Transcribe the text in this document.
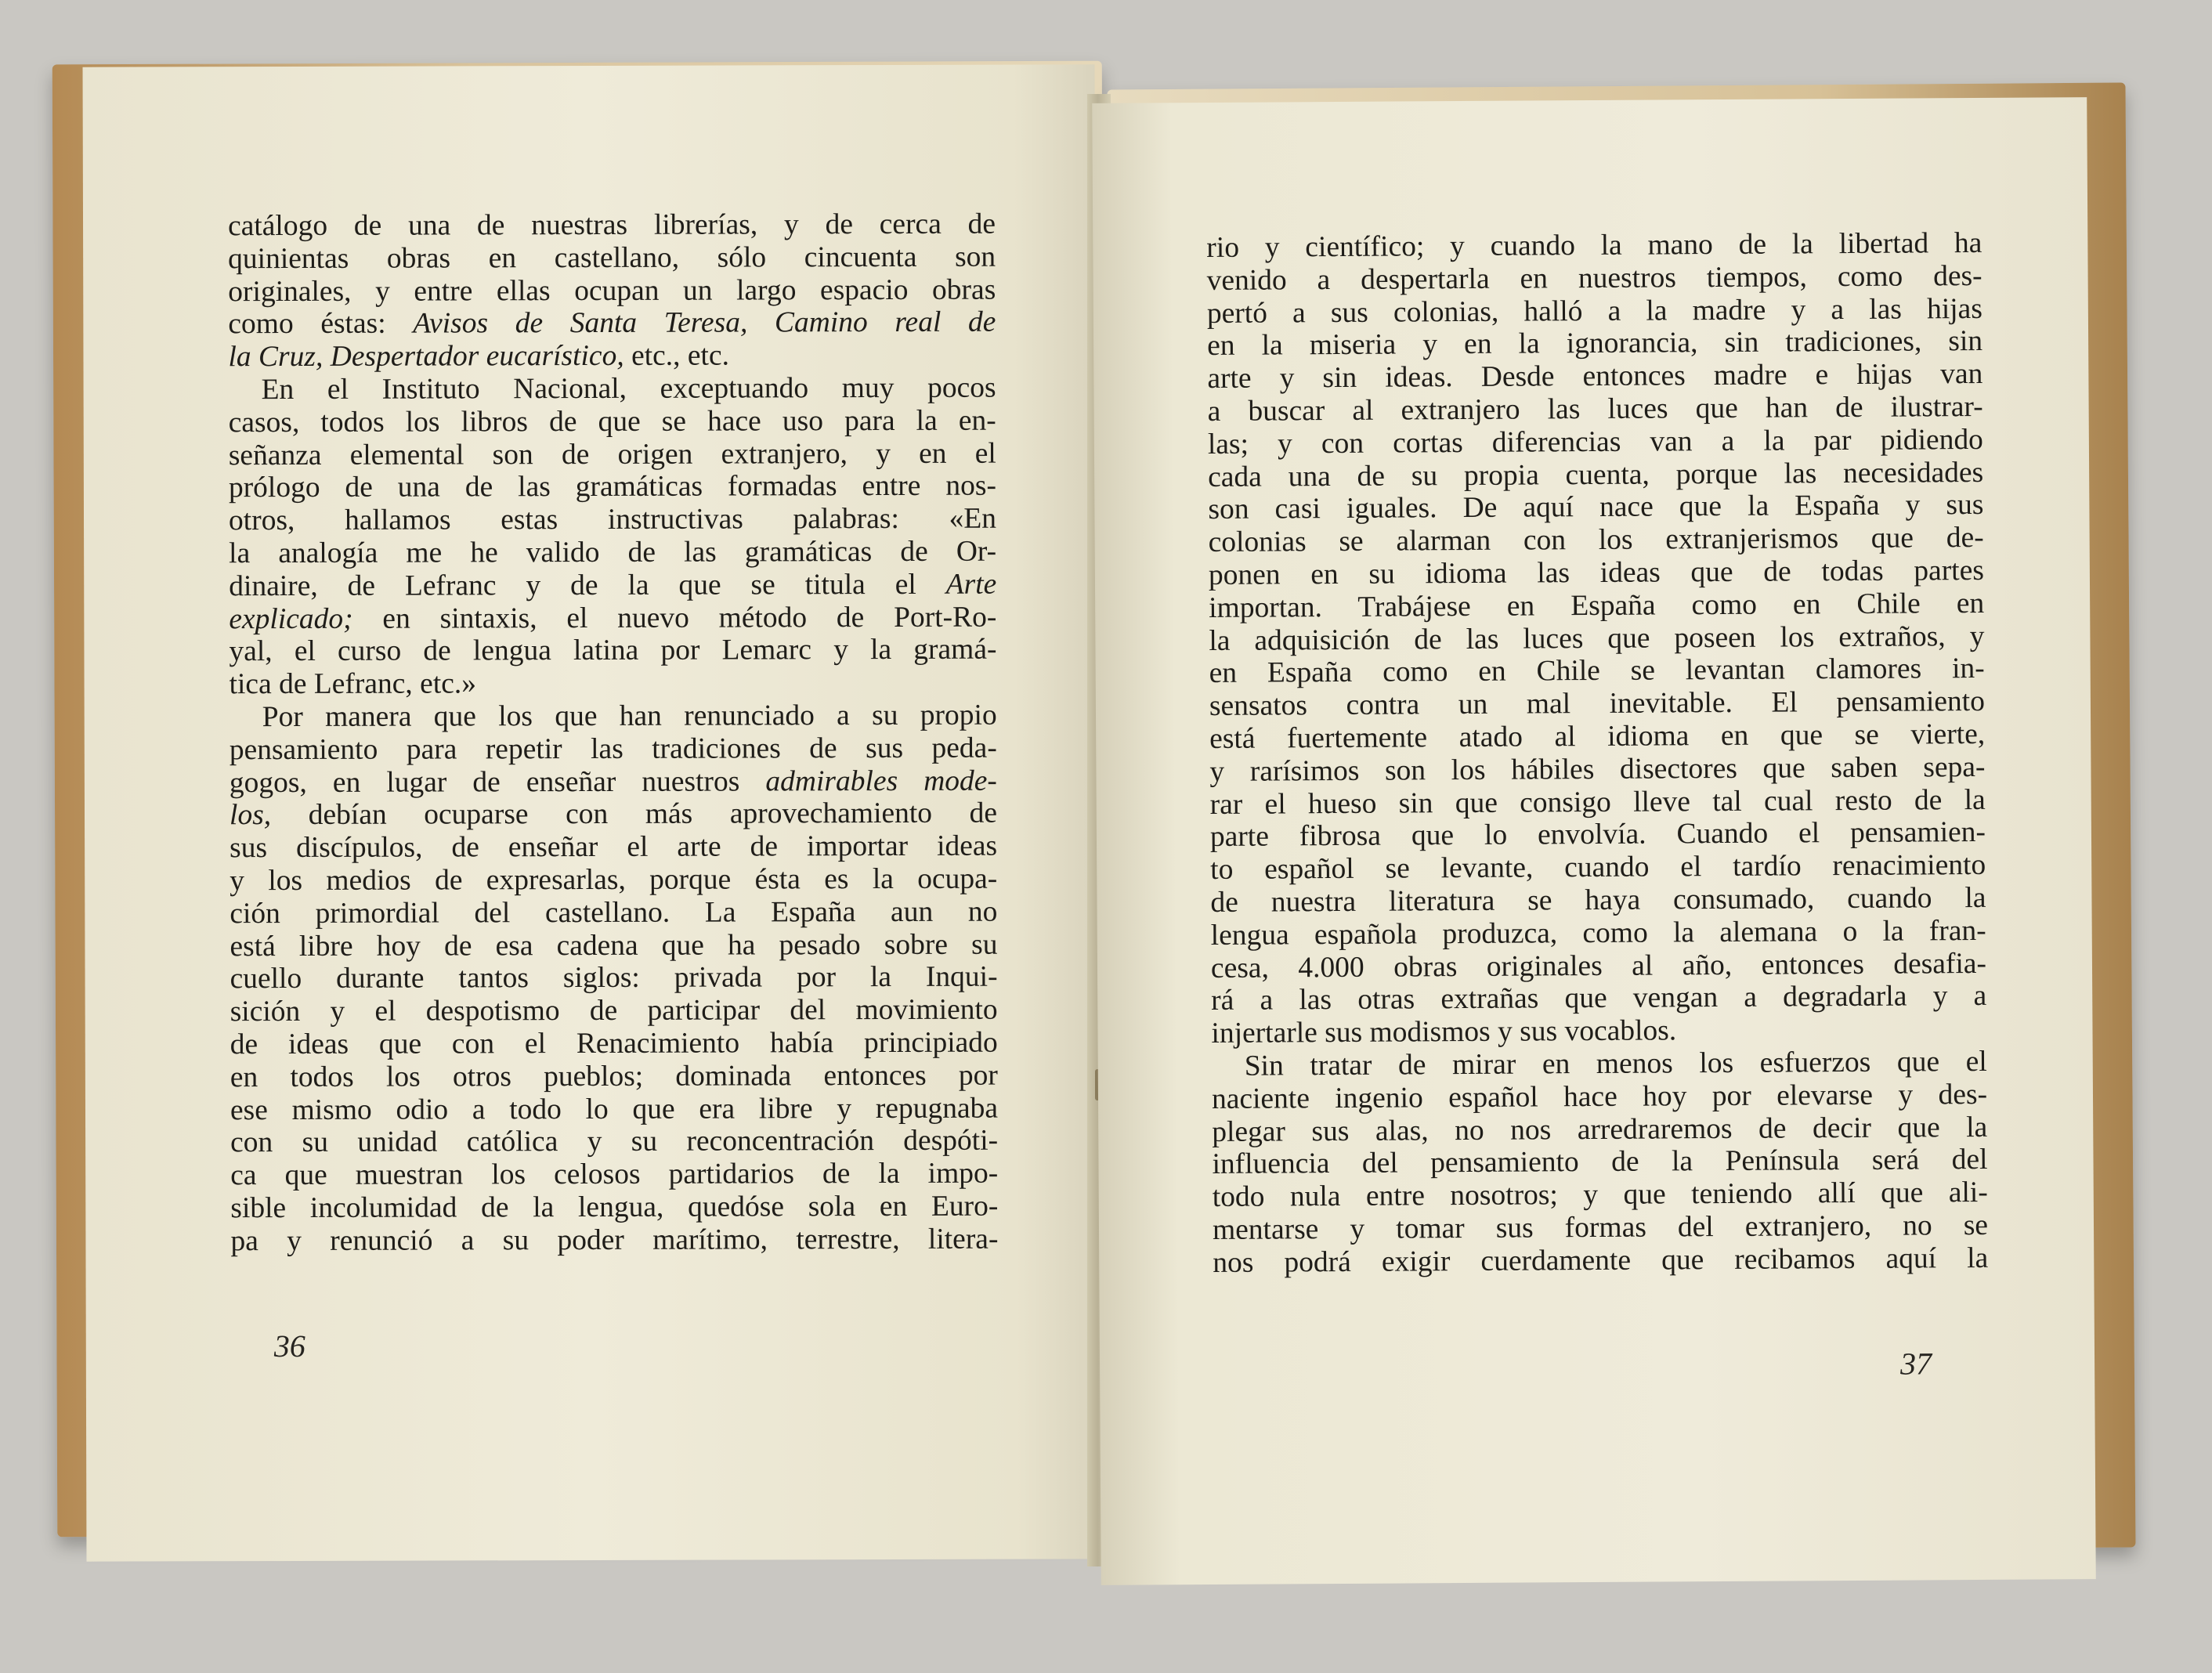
catálogo de una de nuestras librerías, y de cerca de
quinientas obras en castellano, sólo cincuenta son
originales, y entre ellas ocupan un largo espacio obras
como éstas: Avisos de Santa Teresa, Camino real de
la Cruz, Despertador eucarístico, etc., etc.
En el Instituto Nacional, exceptuando muy pocos
casos, todos los libros de que se hace uso para la en-
señanza elemental son de origen extranjero, y en el
prólogo de una de las gramáticas formadas entre nos-
otros, hallamos estas instructivas palabras: «En
la analogía me he valido de las gramáticas de Or-
dinaire, de Lefranc y de la que se titula el Arte
explicado; en sintaxis, el nuevo método de Port-Ro-
yal, el curso de lengua latina por Lemarc y la gramá-
tica de Lefranc, etc.»
Por manera que los que han renunciado a su propio
pensamiento para repetir las tradiciones de sus peda-
gogos, en lugar de enseñar nuestros admirables mode-
los, debían ocuparse con más aprovechamiento de
sus discípulos, de enseñar el arte de importar ideas
y los medios de expresarlas, porque ésta es la ocupa-
ción primordial del castellano. La España aun no
está libre hoy de esa cadena que ha pesado sobre su
cuello durante tantos siglos: privada por la Inqui-
sición y el despotismo de participar del movimiento
de ideas que con el Renacimiento había principiado
en todos los otros pueblos; dominada entonces por
ese mismo odio a todo lo que era libre y repugnaba
con su unidad católica y su reconcentración despóti-
ca que muestran los celosos partidarios de la impo-
sible incolumidad de la lengua, quedóse sola en Euro-
pa y renunció a su poder marítimo, terrestre, litera-
36
rio y científico; y cuando la mano de la libertad ha
venido a despertarla en nuestros tiempos, como des-
pertó a sus colonias, halló a la madre y a las hijas
en la miseria y en la ignorancia, sin tradiciones, sin
arte y sin ideas. Desde entonces madre e hijas van
a buscar al extranjero las luces que han de ilustrar-
las; y con cortas diferencias van a la par pidiendo
cada una de su propia cuenta, porque las necesidades
son casi iguales. De aquí nace que la España y sus
colonias se alarman con los extranjerismos que de-
ponen en su idioma las ideas que de todas partes
importan. Trabájese en España como en Chile en
la adquisición de las luces que poseen los extraños, y
en España como en Chile se levantan clamores in-
sensatos contra un mal inevitable. El pensamiento
está fuertemente atado al idioma en que se vierte,
y rarísimos son los hábiles disectores que saben sepa-
rar el hueso sin que consigo lleve tal cual resto de la
parte fibrosa que lo envolvía. Cuando el pensamien-
to español se levante, cuando el tardío renacimiento
de nuestra literatura se haya consumado, cuando la
lengua española produzca, como la alemana o la fran-
cesa, 4.000 obras originales al año, entonces desafia-
rá a las otras extrañas que vengan a degradarla y a
injertarle sus modismos y sus vocablos.
Sin tratar de mirar en menos los esfuerzos que el
naciente ingenio español hace hoy por elevarse y des-
plegar sus alas, no nos arredraremos de decir que la
influencia del pensamiento de la Península será del
todo nula entre nosotros; y que teniendo allí que ali-
mentarse y tomar sus formas del extranjero, no se
nos podrá exigir cuerdamente que recibamos aquí la
37
